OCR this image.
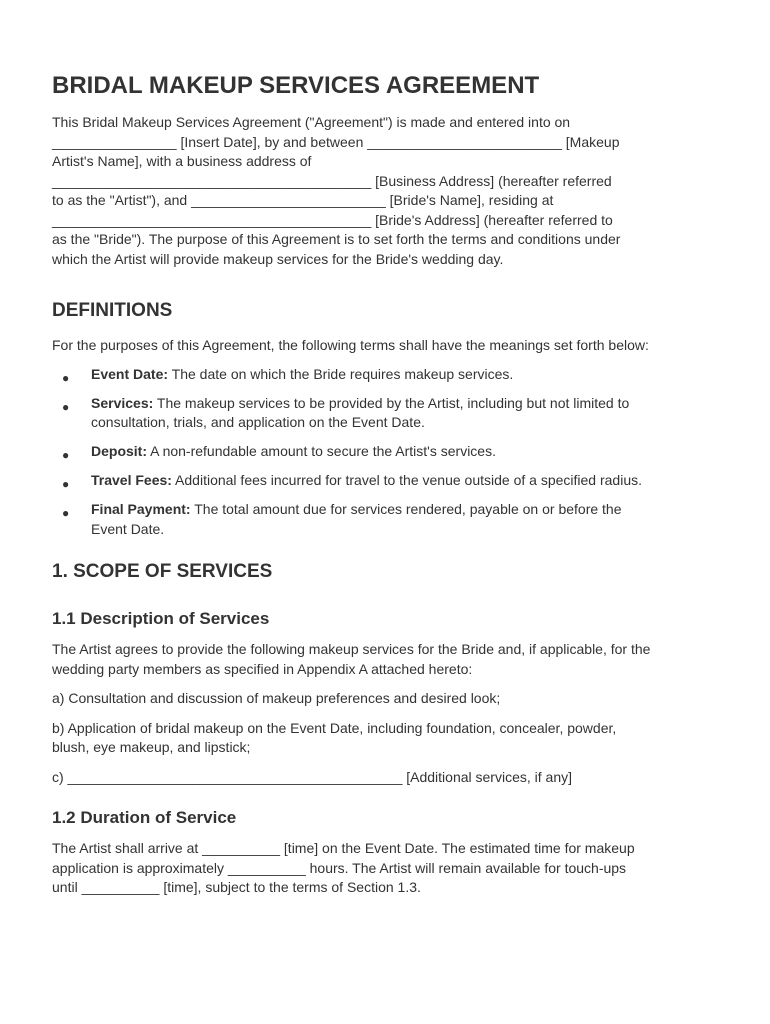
BRIDAL MAKEUP SERVICES AGREEMENT

This Bridal Makeup Services Agreement ("Agreement") is made and entered into on
________________ [Insert Date], by and between _________________________ [Makeup
Artist's Name], with a business address of
_________________________________________ [Business Address] (hereafter referred
to as the "Artist"), and _________________________ [Bride's Name], residing at
_________________________________________ [Bride's Address] (hereafter referred to
as the "Bride"). The purpose of this Agreement is to set forth the terms and conditions under
which the Artist will provide makeup services for the Bride's wedding day.

DEFINITIONS

For the purposes of this Agreement, the following terms shall have the meanings set forth below:

● Event Date: The date on which the Bride requires makeup services.
● Services: The makeup services to be provided by the Artist, including but not limited to
consultation, trials, and application on the Event Date.
● Deposit: A non-refundable amount to secure the Artist's services.
● Travel Fees: Additional fees incurred for travel to the venue outside of a specified radius.
● Final Payment: The total amount due for services rendered, payable on or before the
Event Date.
1. SCOPE OF SERVICES
1.1 Description of Services

The Artist agrees to provide the following makeup services for the Bride and, if applicable, for the
wedding party members as specified in Appendix A attached hereto:

a) Consultation and discussion of makeup preferences and desired look;

b) Application of bridal makeup on the Event Date, including foundation, concealer, powder,
blush, eye makeup, and lipstick;

c) ___________________________________________ [Additional services, if any]

1.2 Duration of Service

The Artist shall arrive at __________ [time] on the Event Date. The estimated time for makeup
application is approximately __________ hours. The Artist will remain available for touch-ups
until __________ [time], subject to the terms of Section 1.3.
